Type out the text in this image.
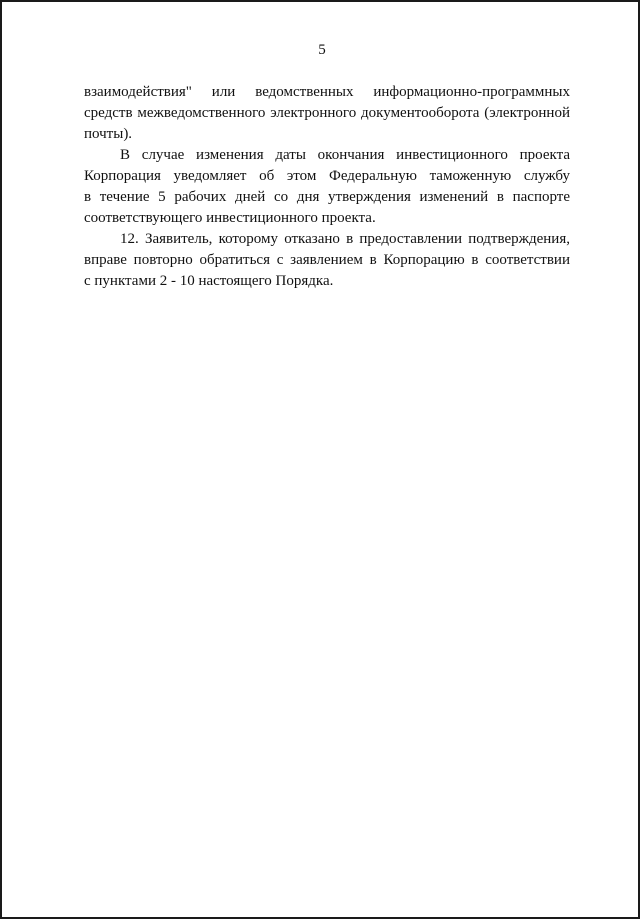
5
взаимодействия" или ведомственных информационно-программных
средств межведомственного электронного документооборота (электронной
почты).
В случае изменения даты окончания инвестиционного проекта
Корпорация уведомляет об этом Федеральную таможенную службу
в течение 5 рабочих дней со дня утверждения изменений в паспорте
соответствующего инвестиционного проекта.
12. Заявитель, которому отказано в предоставлении подтверждения,
вправе повторно обратиться с заявлением в Корпорацию в соответствии
с пунктами 2 - 10 настоящего Порядка.
